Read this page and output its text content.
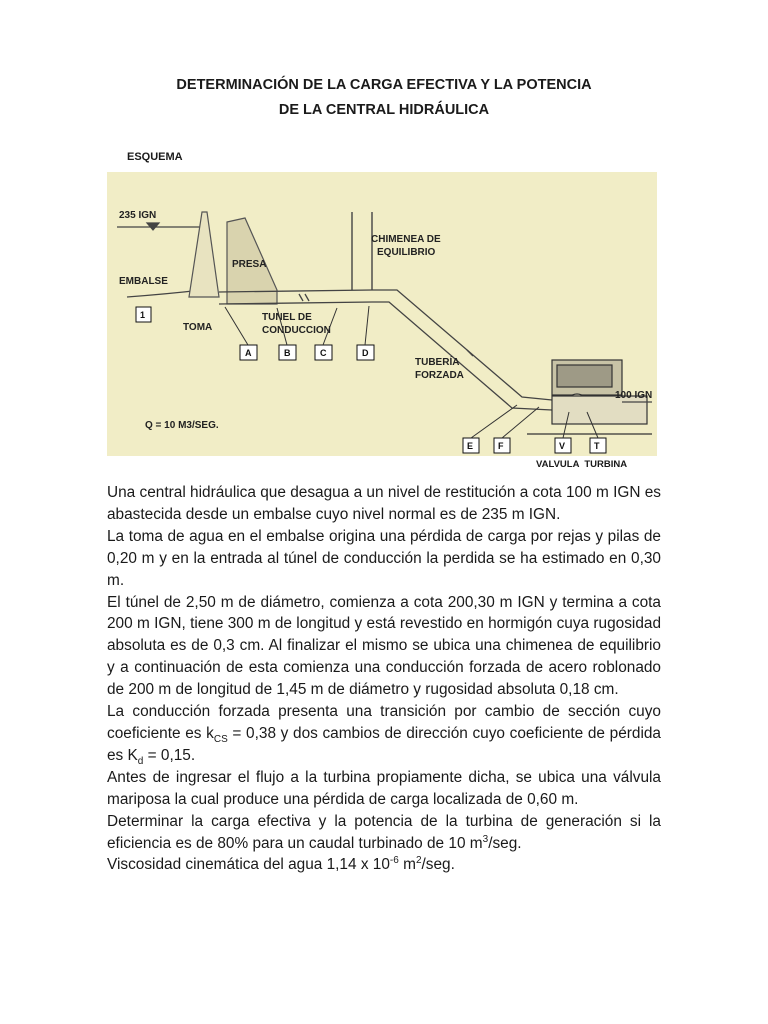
DETERMINACIÓN DE LA CARGA EFECTIVA Y LA POTENCIA
DE LA CENTRAL HIDRÁULICA
ESQUEMA
235 IGN
EMBALSE
PRESA
CHIMENEA DE
EQUILIBRIO
TOMA
TUNEL DE
CONDUCCION
TUBERÍA
FORZADA
100 IGN
Q = 10 M3/SEG.
1
A	B	C	D
E	F	V	T
VALVULA  TURBINA

Una central hidráulica que desagua a un nivel de restitución a cota 100 m IGN es abastecida desde un embalse cuyo nivel normal es de 235 m IGN.

La toma de agua en el embalse origina una pérdida de carga por rejas y pilas de 0,20 m y en la entrada al túnel de conducción la perdida se ha estimado en 0,30 m.

El túnel de 2,50 m de diámetro, comienza a cota 200,30 m IGN y termina a cota 200 m IGN, tiene 300 m de longitud y está revestido en hormigón cuya rugosidad absoluta es de 0,3 cm. Al finalizar el mismo se ubica una chimenea de equilibrio y a continuación de esta comienza una conducción forzada de acero roblonado de 200 m de longitud de 1,45 m de diámetro y rugosidad absoluta 0,18 cm.

La conducción forzada presenta una transición por cambio de sección cuyo coeficiente es $k_{CS} = 0,38$ y dos cambios de dirección cuyo coeficiente de pérdida es $K_d = 0,15$.

Antes de ingresar el flujo a la turbina propiamente dicha, se ubica una válvula mariposa la cual produce una pérdida de carga localizada de 0,60 m.

Determinar la carga efectiva y la potencia de la turbina de generación si la eficiencia es de 80% para un caudal turbinado de 10 $m^3$/seg.

Viscosidad cinemática del agua 1,14 x $10^{-6}$ $m^2$/seg.
